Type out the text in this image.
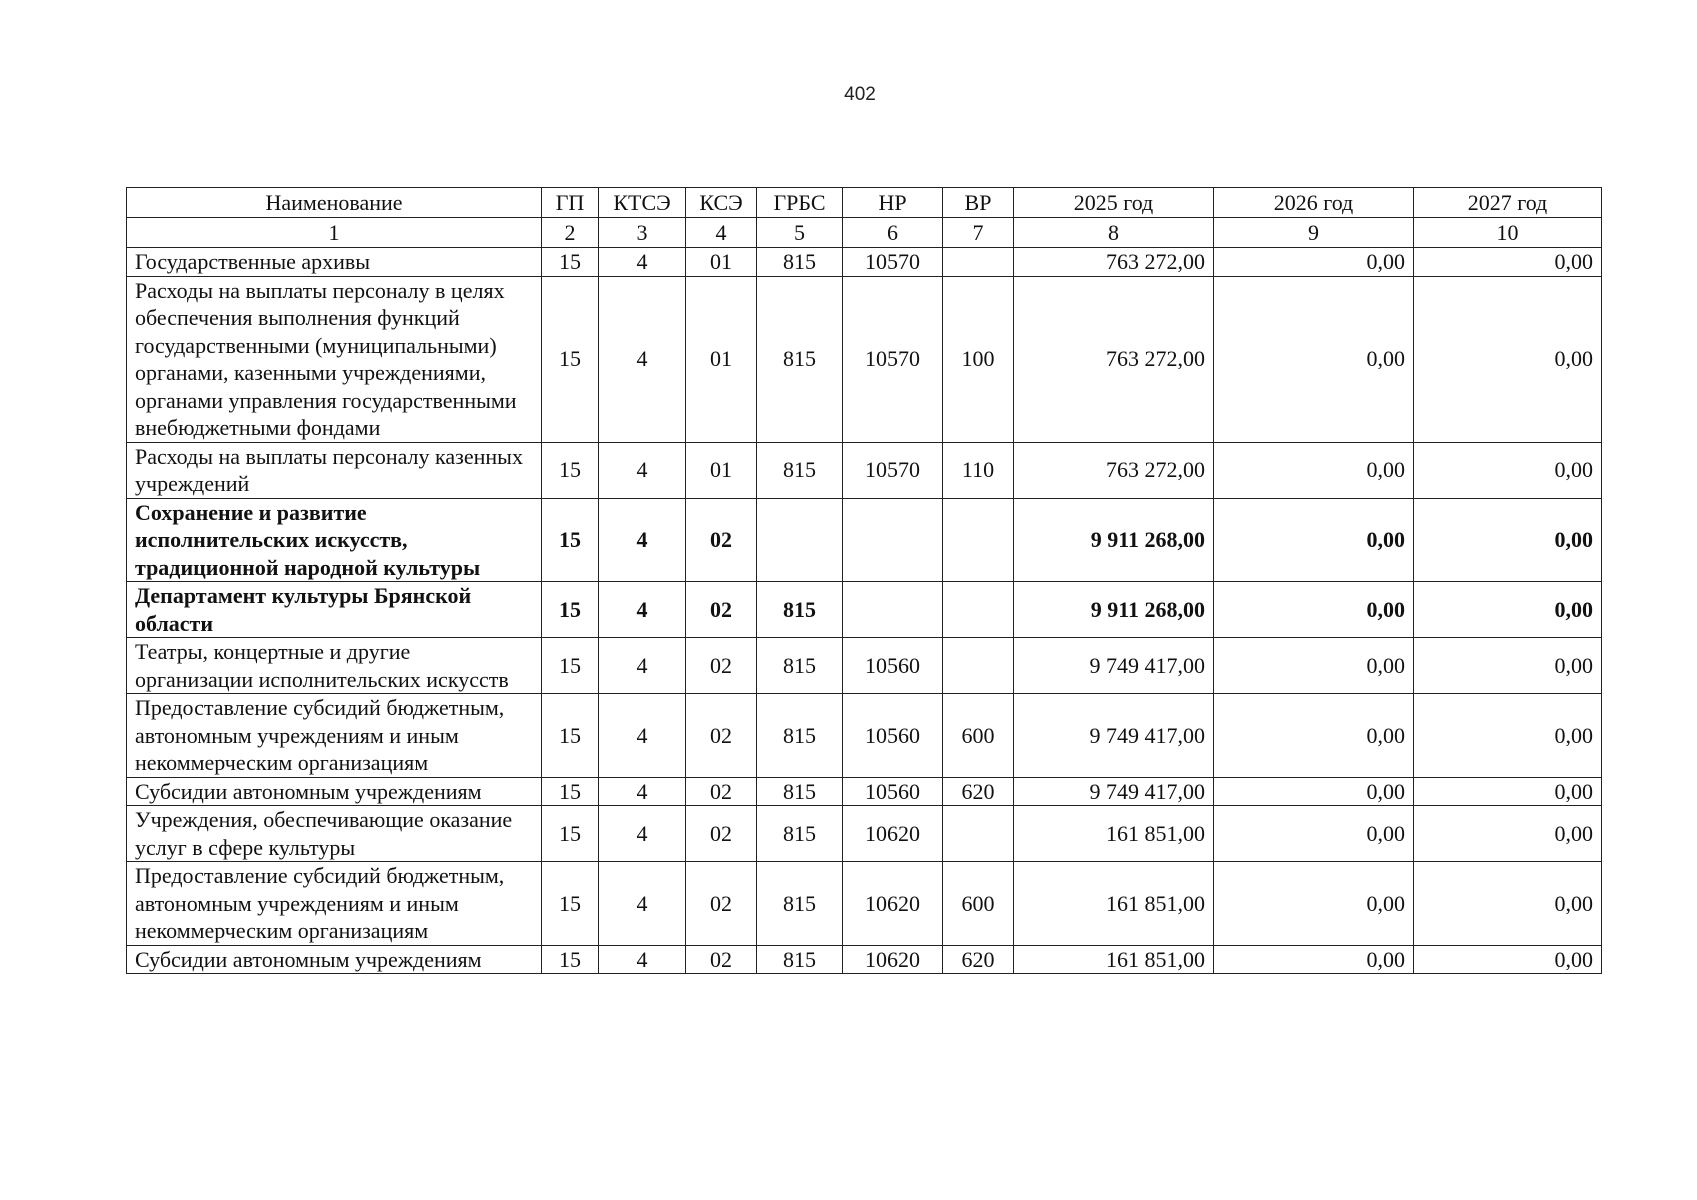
402
Наименование	ГП	КТСЭ	КСЭ	ГРБС	НР	ВР	2025 год	2026 год	2027 год
1	2	3	4	5	6	7	8	9	10
Государственные архивы	15	4	01	815	10570		763 272,00	0,00	0,00
Расходы на выплаты персоналу в целях обеспечения выполнения функций государственными (муниципальными) органами, казенными учреждениями, органами управления государственными внебюджетными фондами	15	4	01	815	10570	100	763 272,00	0,00	0,00
Расходы на выплаты персоналу казенных учреждений	15	4	01	815	10570	110	763 272,00	0,00	0,00
Сохранение и развитие исполнительских искусств, традиционной народной культуры	15	4	02				9 911 268,00	0,00	0,00
Департамент культуры Брянской области	15	4	02	815			9 911 268,00	0,00	0,00
Театры, концертные и другие организации исполнительских искусств	15	4	02	815	10560		9 749 417,00	0,00	0,00
Предоставление субсидий бюджетным, автономным учреждениям и иным некоммерческим организациям	15	4	02	815	10560	600	9 749 417,00	0,00	0,00
Субсидии автономным учреждениям	15	4	02	815	10560	620	9 749 417,00	0,00	0,00
Учреждения, обеспечивающие оказание услуг в сфере культуры	15	4	02	815	10620		161 851,00	0,00	0,00
Предоставление субсидий бюджетным, автономным учреждениям и иным некоммерческим организациям	15	4	02	815	10620	600	161 851,00	0,00	0,00
Субсидии автономным учреждениям	15	4	02	815	10620	620	161 851,00	0,00	0,00
